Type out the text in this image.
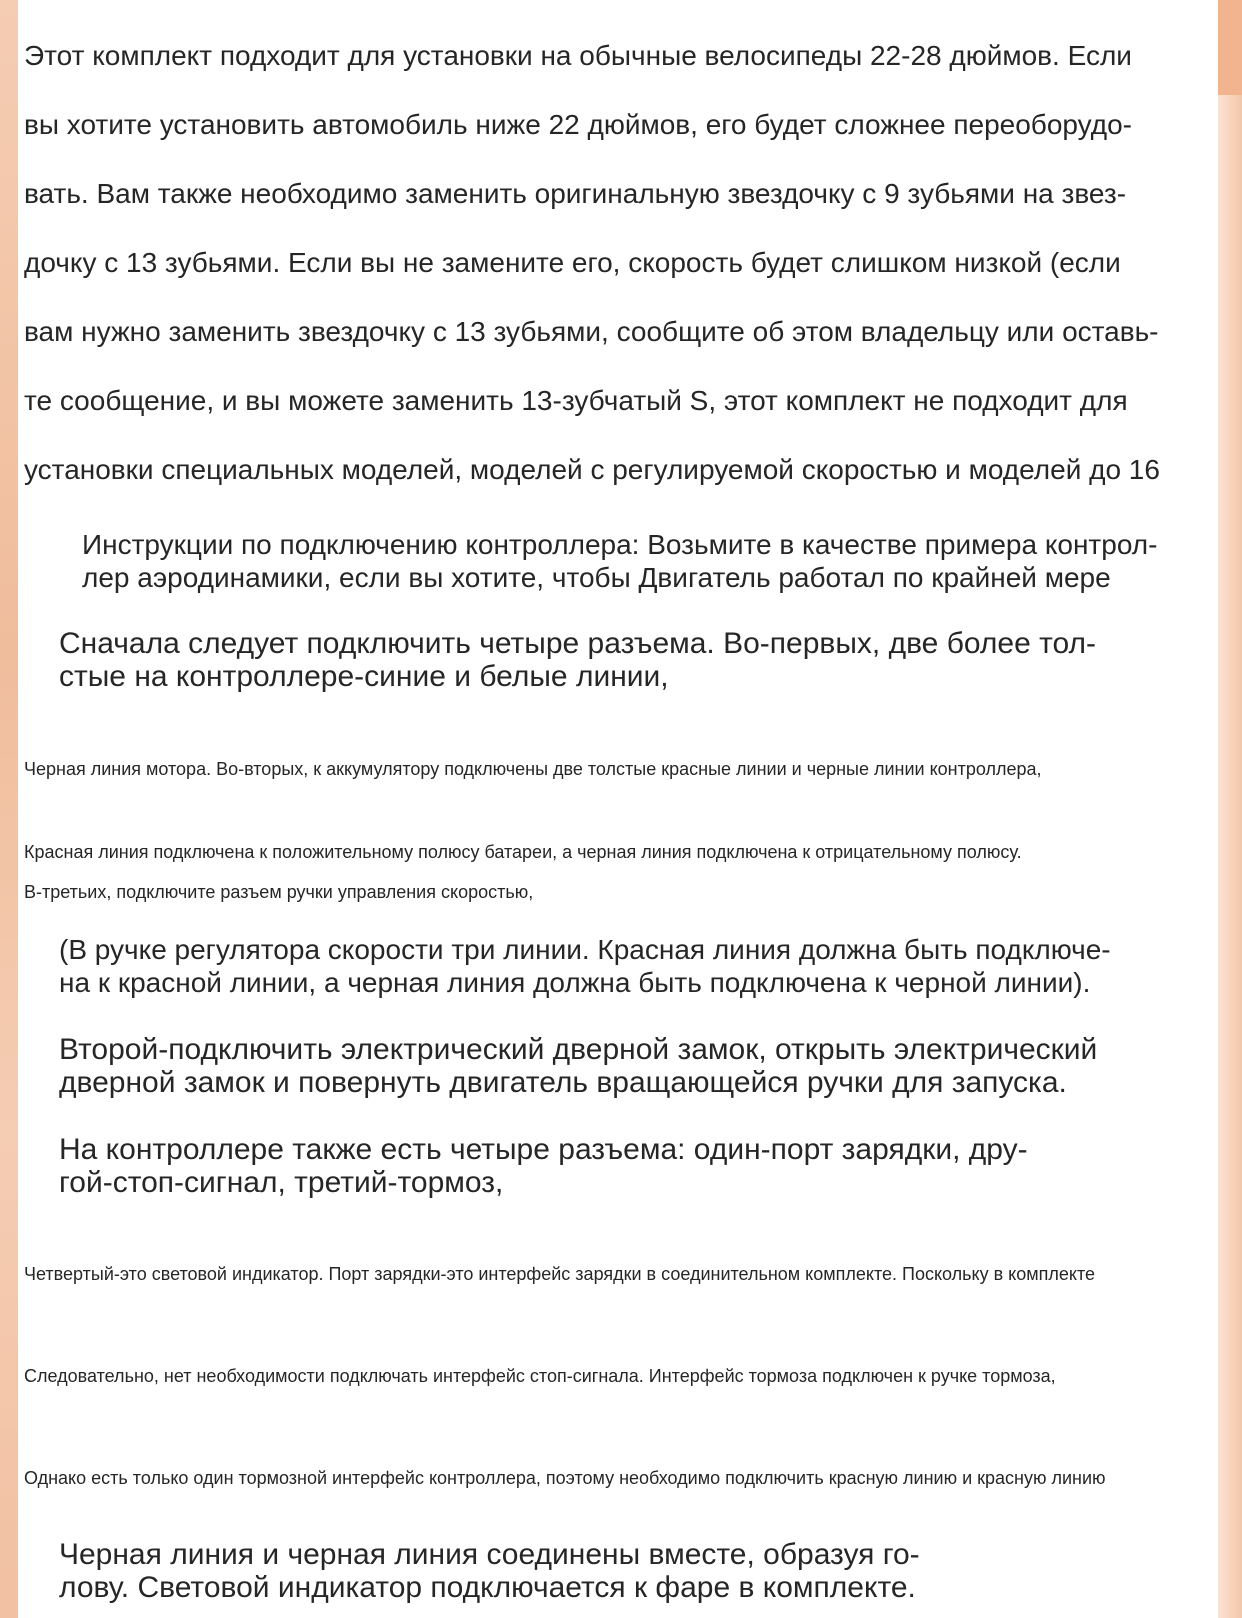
Этот комплект подходит для установки на обычные велосипеды 22-28 дюймов. Если

вы хотите установить автомобиль ниже 22 дюймов, его будет сложнее переоборудо-

вать. Вам также необходимо заменить оригинальную звездочку с 9 зубьями на звез-

дочку с 13 зубьями. Если вы не замените его, скорость будет слишком низкой (если

вам нужно заменить звездочку с 13 зубьями, сообщите об этом владельцу или оставь-

те сообщение, и вы можете заменить 13-зубчатый S, этот комплект не подходит для

установки специальных моделей, моделей с регулируемой скоростью и моделей до 16

Инструкции по подключению контроллера: Возьмите в качестве примера контрол-

лер аэродинамики, если вы хотите, чтобы Двигатель работал по крайней мере

Сначала следует подключить четыре разъема. Во-первых, две более тол-

стые на контроллере-синие и белые линии,

Черная линия мотора. Во-вторых, к аккумулятору подключены две толстые красные линии и черные линии контроллера,

Красная линия подключена к положительному полюсу батареи, а черная линия подключена к отрицательному полюсу.

В-третьих, подключите разъем ручки управления скоростью,

(В ручке регулятора скорости три линии. Красная линия должна быть подключе-

на к красной линии, а черная линия должна быть подключена к черной линии).

Второй-подключить электрический дверной замок, открыть электрический

дверной замок и повернуть двигатель вращающейся ручки для запуска.

На контроллере также есть четыре разъема: один-порт зарядки, дру-

гой-стоп-сигнал, третий-тормоз,

Четвертый-это световой индикатор. Порт зарядки-это интерфейс зарядки в соединительном комплекте. Поскольку в комплекте

Следовательно, нет необходимости подключать интерфейс стоп-сигнала. Интерфейс тормоза подключен к ручке тормоза,

Однако есть только один тормозной интерфейс контроллера, поэтому необходимо подключить красную линию и красную линию

Черная линия и черная линия соединены вместе, образуя го-

лову. Световой индикатор подключается к фаре в комплекте.
